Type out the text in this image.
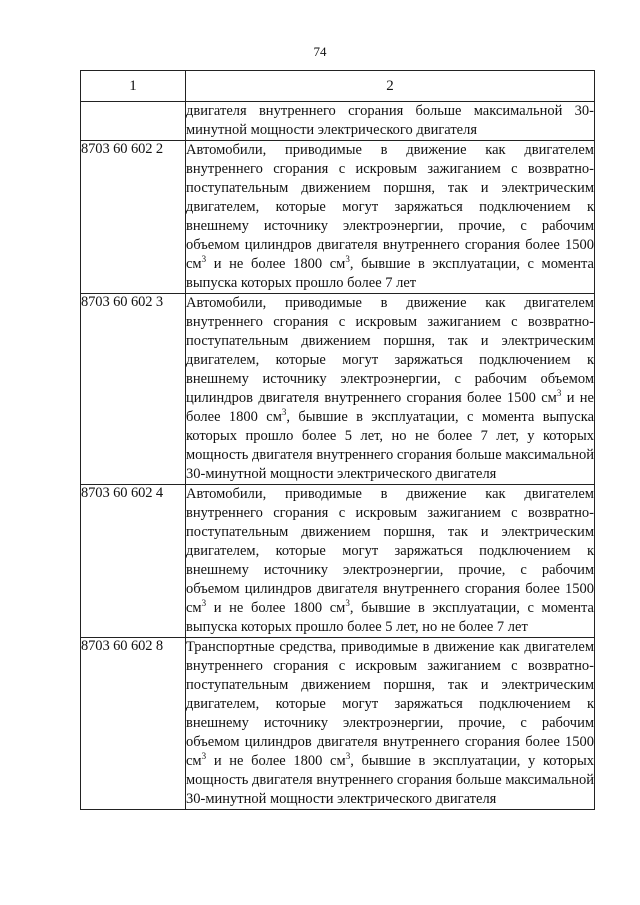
74
1	2
	двигателя внутреннего сгорания больше максимальной 30-минутной мощности электрического двигателя
8703 60 602 2	Автомобили, приводимые в движение как двигателем внутреннего сгорания с искровым зажиганием с возвратно-поступательным движением поршня, так и электрическим двигателем, которые могут заряжаться подключением к внешнему источнику электроэнергии, прочие, с рабочим объемом цилиндров двигателя внутреннего сгорания более 1500 $см^3$ и не более 1800 $см^3$, бывшие в эксплуатации, с момента выпуска которых прошло более 7 лет
8703 60 602 3	Автомобили, приводимые в движение как двигателем внутреннего сгорания с искровым зажиганием с возвратно-поступательным движением поршня, так и электрическим двигателем, которые могут заряжаться подключением к внешнему источнику электроэнергии, с рабочим объемом цилиндров двигателя внутреннего сгорания более 1500 $см^3$ и не более 1800 $см^3$, бывшие в эксплуатации, с момента выпуска которых прошло более 5 лет, но не более 7 лет, у которых мощность двигателя внутреннего сгорания больше максимальной 30-минутной мощности электрического двигателя
8703 60 602 4	Автомобили, приводимые в движение как двигателем внутреннего сгорания с искровым зажиганием с возвратно-поступательным движением поршня, так и электрическим двигателем, которые могут заряжаться подключением к внешнему источнику электроэнергии, прочие, с рабочим объемом цилиндров двигателя внутреннего сгорания более 1500 $см^3$ и не более 1800 $см^3$, бывшие в эксплуатации, с момента выпуска которых прошло более 5 лет, но не более 7 лет
8703 60 602 8	Транспортные средства, приводимые в движение как двигателем внутреннего сгорания с искровым зажиганием с возвратно-поступательным движением поршня, так и электрическим двигателем, которые могут заряжаться подключением к внешнему источнику электроэнергии, прочие, с рабочим объемом цилиндров двигателя внутреннего сгорания более 1500 $см^3$ и не более 1800 $см^3$, бывшие в эксплуатации, у которых мощность двигателя внутреннего сгорания больше максимальной 30-минутной мощности электрического двигателя
